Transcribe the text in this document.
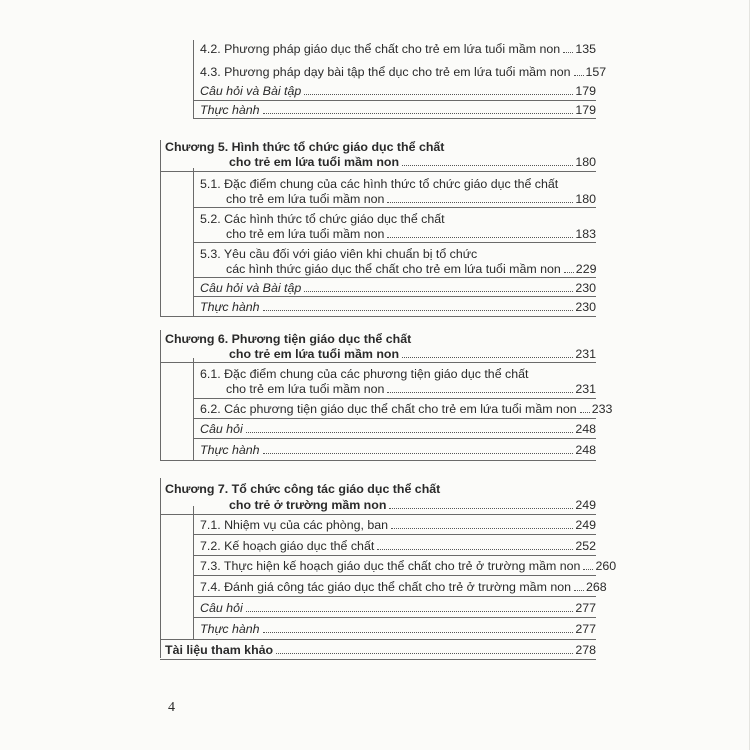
4.2. Phương pháp giáo dục thể chất cho trẻ em lứa tuổi mầm non 135
4.3. Phương pháp dạy bài tập thể dục cho trẻ em lứa tuổi mầm non 157
Câu hỏi và Bài tập	179
Thực hành	179
Chương 5. Hình thức tổ chức giáo dục thể chất
cho trẻ em lứa tuổi mầm non	180
5.1. Đặc điểm chung của các hình thức tổ chức giáo dục thể chất
cho trẻ em lứa tuổi mầm non	180
5.2. Các hình thức tổ chức giáo dục thể chất
cho trẻ em lứa tuổi mầm non	183
5.3. Yêu cầu đối với giáo viên khi chuẩn bị tổ chức
các hình thức giáo dục thể chất cho trẻ em lứa tuổi mầm non 229
Câu hỏi và Bài tập	230
Thực hành	230
Chương 6. Phương tiện giáo dục thể chất
cho trẻ em lứa tuổi mầm non	231
6.1. Đặc điểm chung của các phương tiện giáo dục thể chất
cho trẻ em lứa tuổi mầm non	231
6.2. Các phương tiện giáo dục thể chất cho trẻ em lứa tuổi mầm non 233
Câu hỏi	248
Thực hành	248
Chương 7. Tổ chức công tác giáo dục thể chất
cho trẻ ở trường mầm non	249
7.1. Nhiệm vụ của các phòng, ban	249
7.2. Kế hoạch giáo dục thể chất	252
7.3. Thực hiện kế hoạch giáo dục thể chất cho trẻ ở trường mầm non 260
7.4. Đánh giá công tác giáo dục thể chất cho trẻ ở trường mầm non 268
Câu hỏi	277
Thực hành	277
Tài liệu tham khảo	278
4
